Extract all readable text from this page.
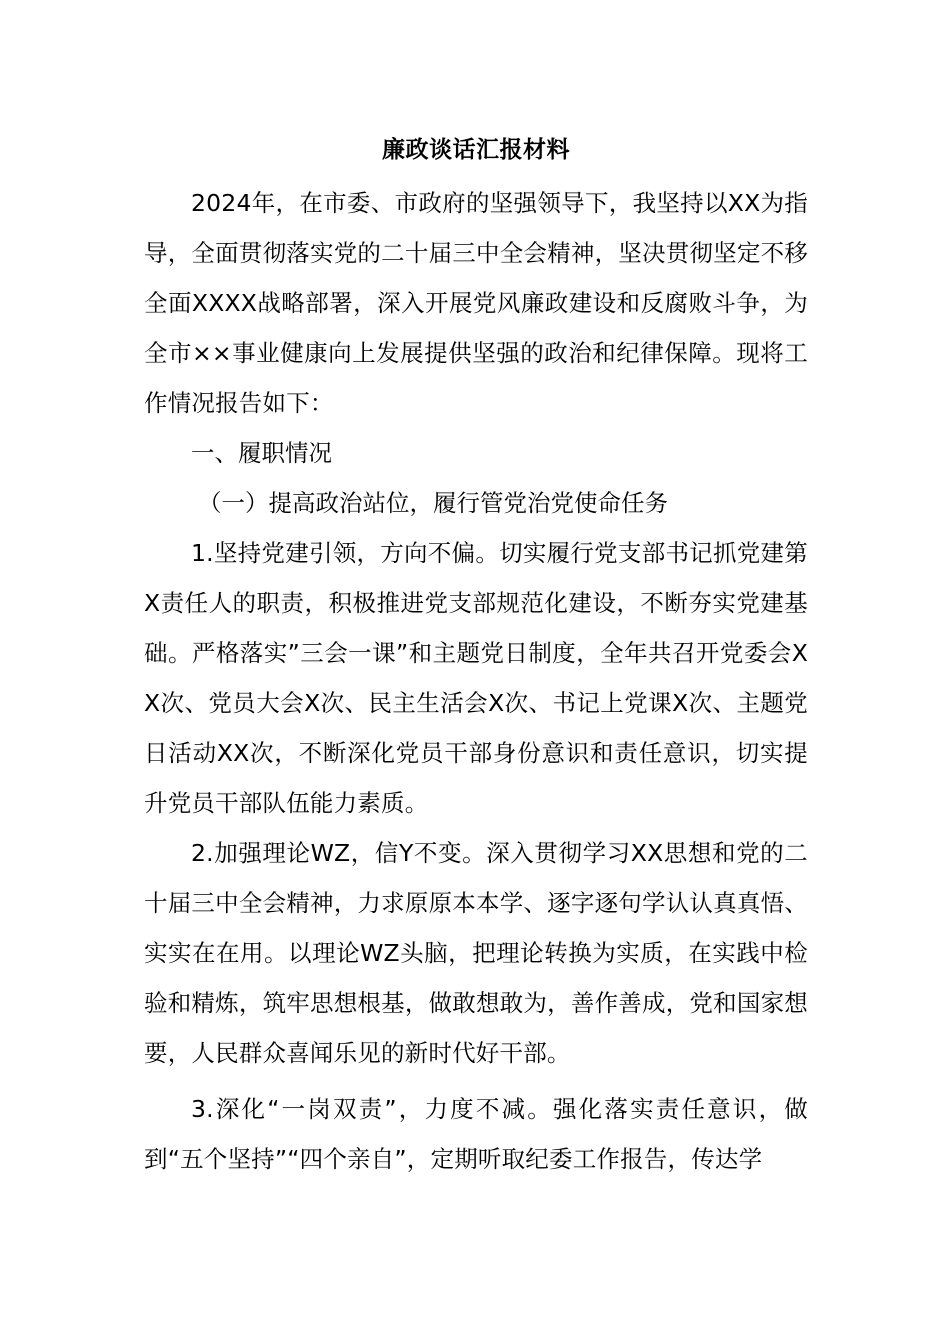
廉政谈话汇报材料

2024年，在市委、市政府的坚强领导下，我坚持以XX为指导，全面贯彻落实党的二十届三中全会精神，坚决贯彻坚定不移全面XXXX战略部署，深入开展党风廉政建设和反腐败斗争，为全市××事业健康向上发展提供坚强的政治和纪律保障。现将工作情况报告如下：

一、履职情况

（一）提高政治站位，履行管党治党使命任务

1.坚持党建引领，方向不偏。切实履行党支部书记抓党建第X责任人的职责，积极推进党支部规范化建设，不断夯实党建基础。严格落实”三会一课”和主题党日制度，全年共召开党委会XX次、党员大会X次、民主生活会X次、书记上党课X次、主题党日活动XX次，不断深化党员干部身份意识和责任意识，切实提升党员干部队伍能力素质。

2.加强理论WZ，信Y不变。深入贯彻学习XX思想和党的二十届三中全会精神，力求原原本本学、逐字逐句学认认真真悟、实实在在用。以理论WZ头脑，把理论转换为实质，在实践中检验和精炼，筑牢思想根基，做敢想敢为，善作善成，党和国家想要，人民群众喜闻乐见的新时代好干部。

3.深化“一岗双责”，力度不减。强化落实责任意识，做到“五个坚持”“四个亲自”，定期听取纪委工作报告，传达学
